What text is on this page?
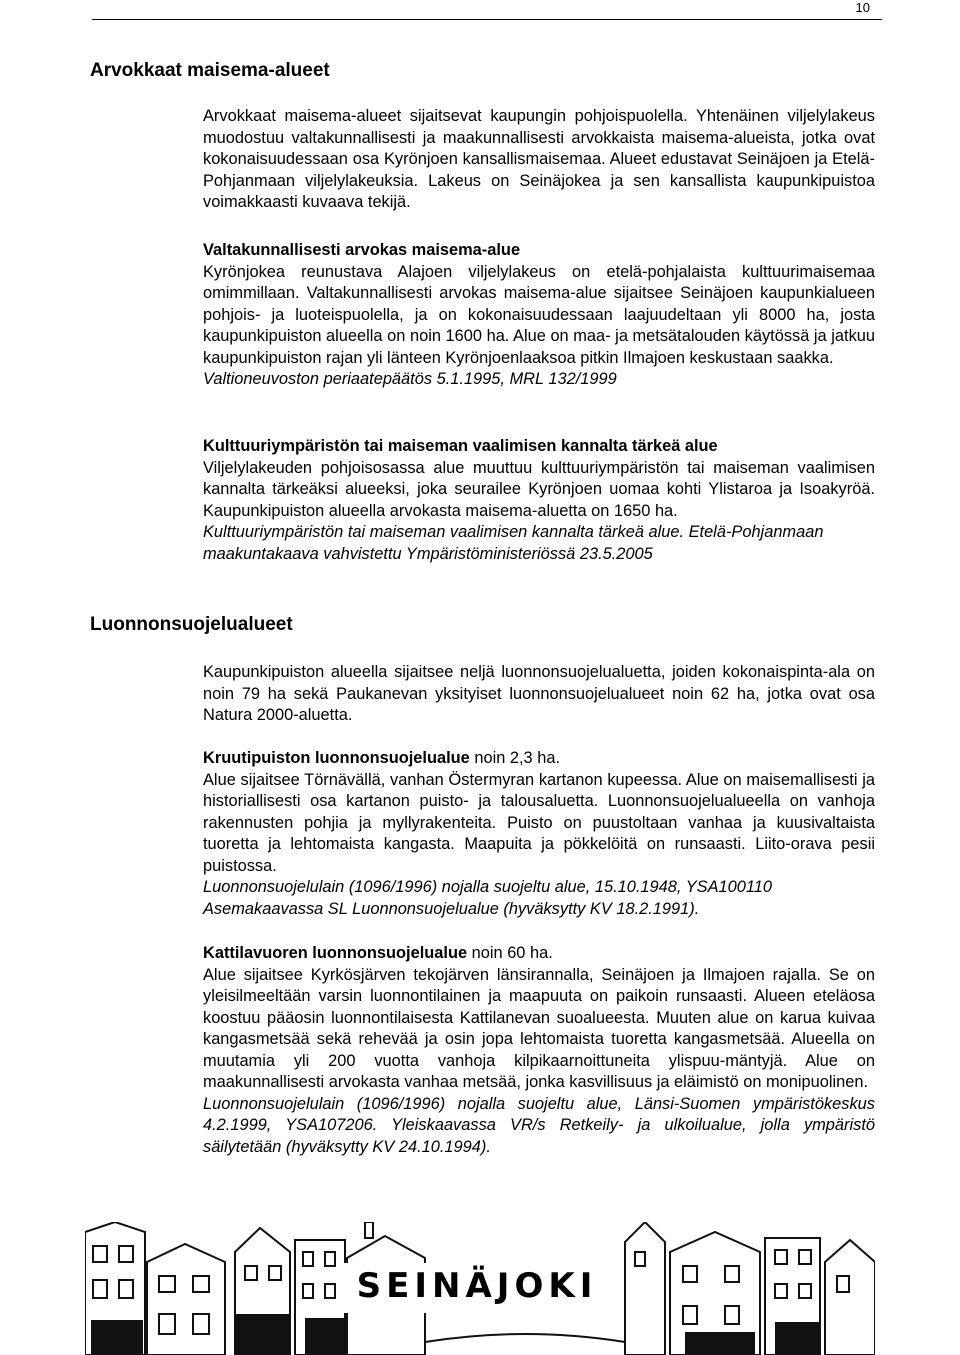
10
Arvokkaat maisema-alueet

Arvokkaat maisema-alueet sijaitsevat kaupungin pohjoispuolella. Yhtenäinen viljelylakeus muodostuu valtakunnallisesti ja maakunnallisesti arvokkaista maisema-alueista, jotka ovat kokonaisuudessaan osa Kyrönjoen kansallismaisemaa. Alueet edustavat Seinäjoen ja Etelä-Pohjanmaan viljelylakeuksia. Lakeus on Seinäjokea ja sen kansallista kaupunkipuistoa voimakkaasti kuvaava tekijä.

Valtakunnallisesti arvokas maisema-alue

Kyrönjokea reunustava Alajoen viljelylakeus on etelä-pohjalaista kulttuurimaisemaa omimmillaan. Valtakunnallisesti arvokas maisema-alue sijaitsee Seinäjoen kaupunkialueen pohjois- ja luoteispuolella, ja on kokonaisuudessaan laajuudeltaan yli 8000 ha, josta kaupunkipuiston alueella on noin 1600 ha. Alue on maa- ja metsätalouden käytössä ja jatkuu kaupunkipuiston rajan yli länteen Kyrönjoenlaaksoa pitkin Ilmajoen keskustaan saakka.

Valtioneuvoston periaatepäätös 5.1.1995, MRL 132/1999
Kulttuuriympäristön tai maiseman vaalimisen kannalta tärkeä alue

Viljelylakeuden pohjoisosassa alue muuttuu kulttuuriympäristön tai maiseman vaalimisen kannalta tärkeäksi alueeksi, joka seurailee Kyrönjoen uomaa kohti Ylistaroa ja Isoakyröä. Kaupunkipuiston alueella arvokasta maisema-aluetta on 1650 ha.

Kulttuuriympäristön tai maiseman vaalimisen kannalta tärkeä alue. Etelä-Pohjanmaan maakuntakaava vahvistettu Ympäristöministeriössä 23.5.2005
Luonnonsuojelualueet

Kaupunkipuiston alueella sijaitsee neljä luonnonsuojelualuetta, joiden kokonaispinta-ala on noin 79 ha sekä Paukanevan yksityiset luonnonsuojelualueet noin 62 ha, jotka ovat osa Natura 2000-aluetta.

Kruutipuiston luonnonsuojelualue noin 2,3 ha.

Alue sijaitsee Törnävällä, vanhan Östermyran kartanon kupeessa. Alue on maisemallisesti ja historiallisesti osa kartanon puisto- ja talousaluetta. Luonnonsuojelualueella on vanhoja rakennusten pohjia ja myllyrakenteita. Puisto on puustoltaan vanhaa ja kuusivaltaista tuoretta ja lehtomaista kangasta. Maapuita ja pökkelöitä on runsaasti. Liito-orava pesii puistossa.

Luonnonsuojelulain (1096/1996) nojalla suojeltu alue, 15.10.1948, YSA100110
Asemakaavassa SL Luonnonsuojelualue (hyväksytty KV 18.2.1991).
Kattilavuoren luonnonsuojelualue noin 60 ha.

Alue sijaitsee Kyrkösjärven tekojärven länsirannalla, Seinäjoen ja Ilmajoen rajalla. Se on yleisilmeeltään varsin luonnontilainen ja maapuuta on paikoin runsaasti. Alueen eteläosa koostuu pääosin luonnontilaisesta Kattilanevan suoalueesta. Muuten alue on karua kuivaa kangasmetsää sekä rehevää ja osin jopa lehtomaista tuoretta kangasmetsää. Alueella on muutamia yli 200 vuotta vanhoja kilpikaarnoittuneita ylispuu-mäntyjä. Alue on maakunnallisesti arvokasta vanhaa metsää, jonka kasvillisuus ja eläimistö on monipuolinen.

Luonnonsuojelulain (1096/1996) nojalla suojeltu alue, Länsi-Suomen ympäristökeskus 4.2.1999, YSA107206. Yleiskaavassa VR/s Retkeily- ja ulkoilualue, jolla ympäristö säilytetään (hyväksytty KV 24.10.1994).

SEINÄJOKI
